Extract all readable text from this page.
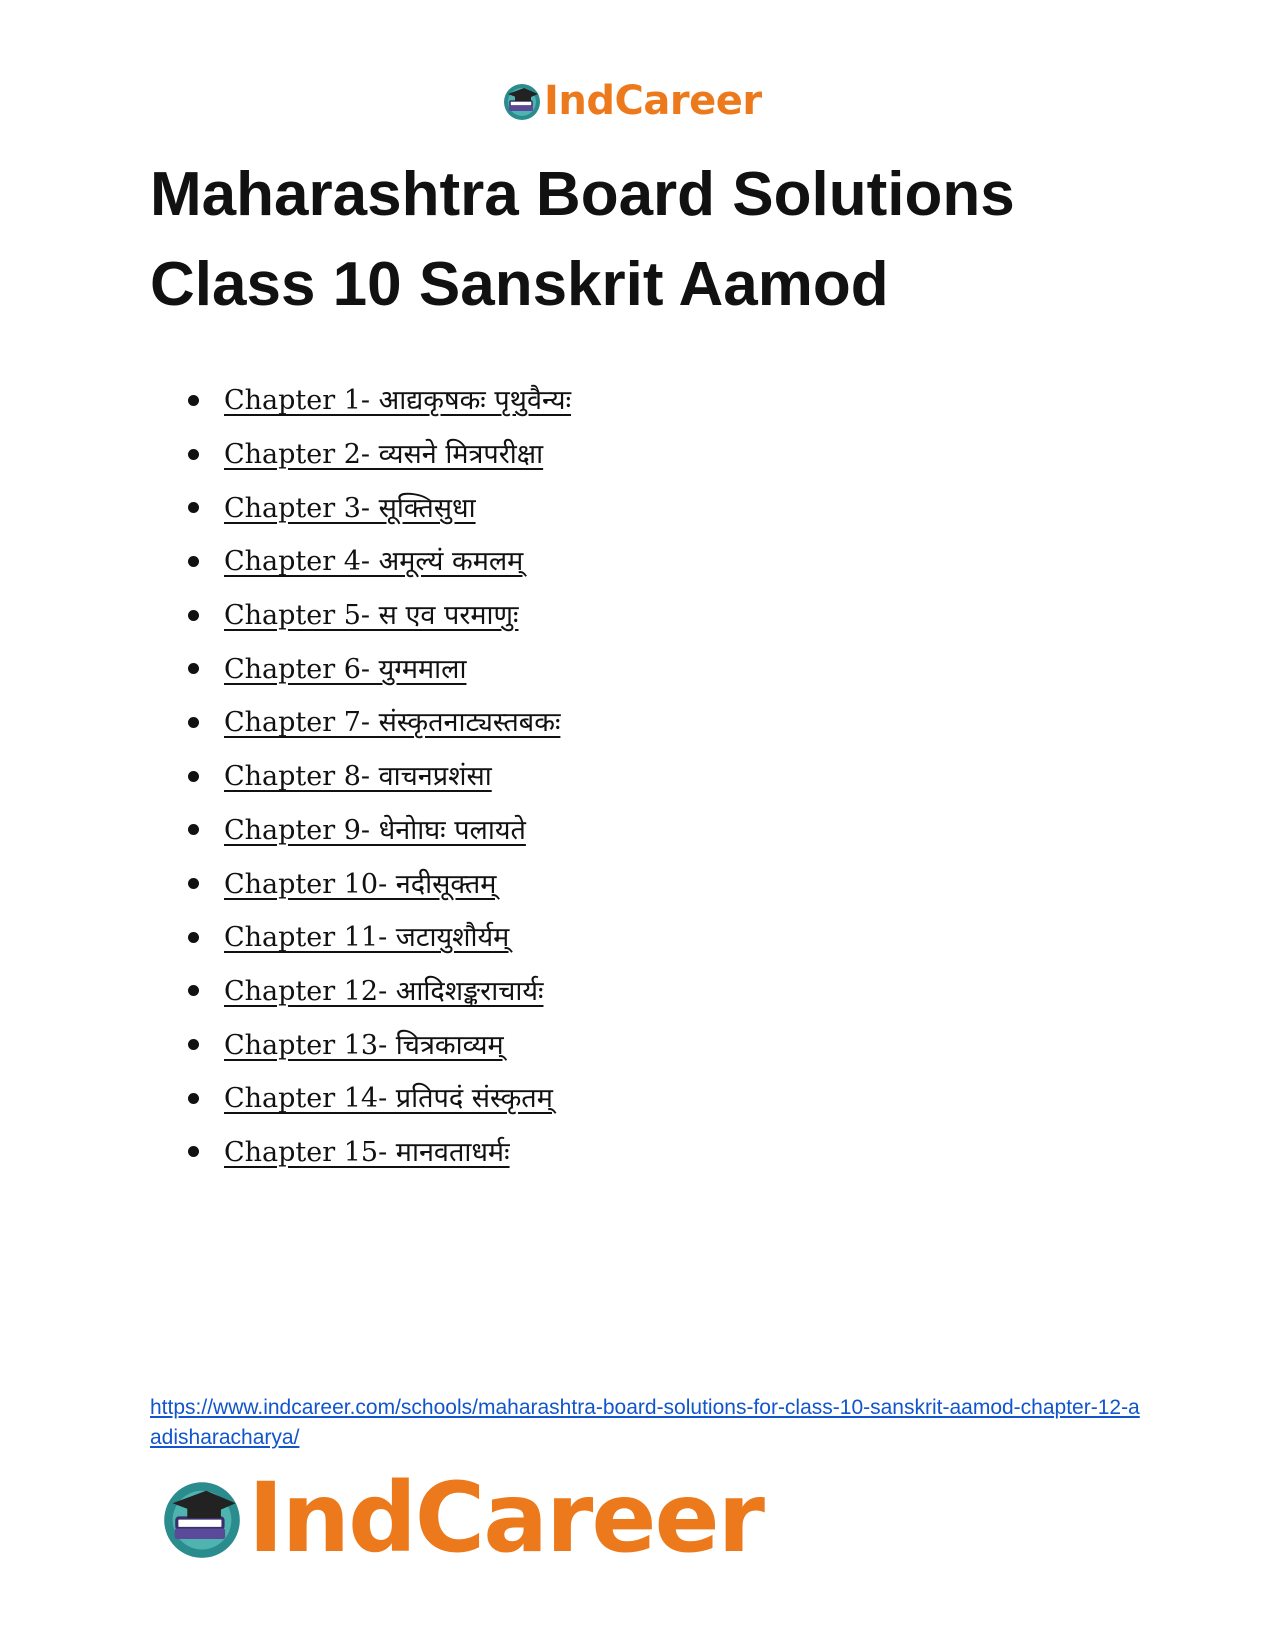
IndCareer
Maharashtra Board Solutions
Class 10 Sanskrit Aamod
Chapter 1- आद्यकृषकः पृथुवैन्यः
Chapter 2- व्यसने मित्रपरीक्षा
Chapter 3- सूक्तिसुधा
Chapter 4- अमूल्यं कमलम्
Chapter 5- स एव परमाणुः
Chapter 6- युग्ममाला
Chapter 7- संस्कृतनाट्यस्तबकः
Chapter 8- वाचनप्रशंसा
Chapter 9- धेनोाघः पलायते
Chapter 10- नदीसूक्तम्
Chapter 11- जटायुशौर्यम्
Chapter 12- आदिशङ्कराचार्यः
Chapter 13- चित्रकाव्यम्
Chapter 14- प्रतिपदं संस्कृतम्
Chapter 15- मानवताधर्मः
https://www.indcareer.com/schools/maharashtra-board-solutions-for-class-10-sanskrit-aamod-chapter-12-aadisharacharya/
IndCareer
